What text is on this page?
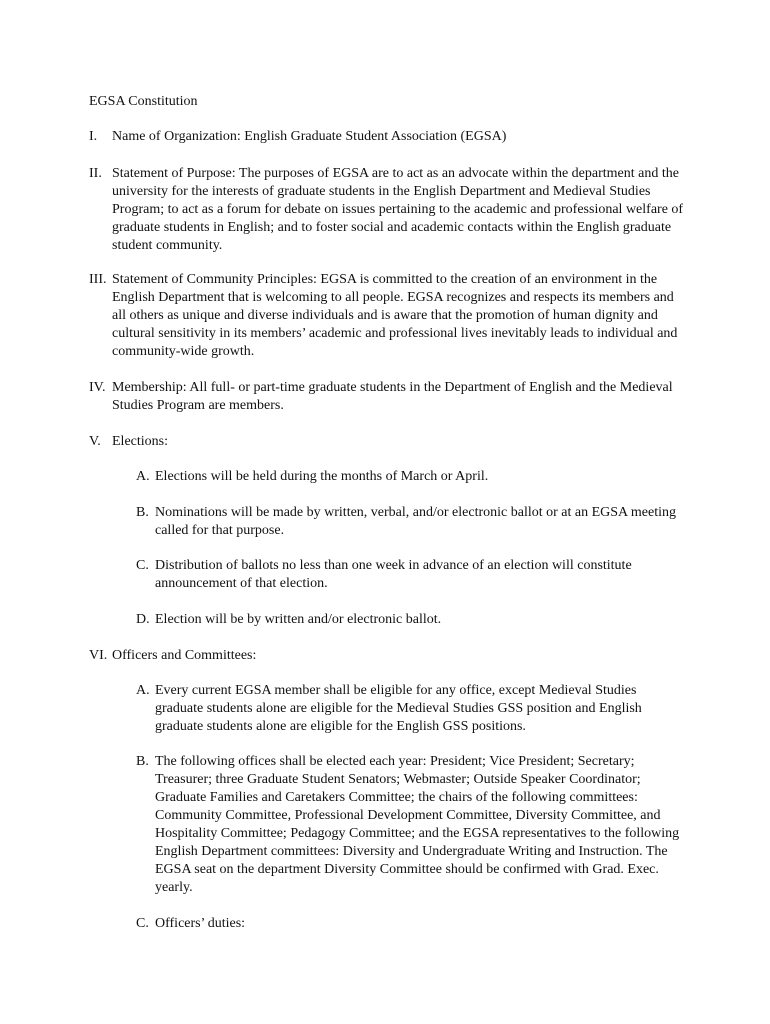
EGSA Constitution
I.	Name of Organization: English Graduate Student Association (EGSA)
II. Statement of Purpose: The purposes of EGSA are to act as an advocate within the department and the university for the interests of graduate students in the English Department and Medieval Studies Program; to act as a forum for debate on issues pertaining to the academic and professional welfare of graduate students in English; and to foster social and academic contacts within the English graduate student community.
III. Statement of Community Principles: EGSA is committed to the creation of an environment in the English Department that is welcoming to all people. EGSA recognizes and respects its members and all others as unique and diverse individuals and is aware that the promotion of human dignity and cultural sensitivity in its members’ academic and professional lives inevitably leads to individual and community-wide growth.
IV. Membership: All full- or part-time graduate students in the Department of English and the Medieval Studies Program are members.
V. Elections:
A. Elections will be held during the months of March or April.
B. Nominations will be made by written, verbal, and/or electronic ballot or at an EGSA meeting called for that purpose.
C. Distribution of ballots no less than one week in advance of an election will constitute announcement of that election.
D. Election will be by written and/or electronic ballot.
VI. Officers and Committees:
A. Every current EGSA member shall be eligible for any office, except Medieval Studies graduate students alone are eligible for the Medieval Studies GSS position and English graduate students alone are eligible for the English GSS positions.
B. The following offices shall be elected each year: President; Vice President; Secretary; Treasurer; three Graduate Student Senators; Webmaster; Outside Speaker Coordinator; Graduate Families and Caretakers Committee; the chairs of the following committees: Community Committee, Professional Development Committee, Diversity Committee, and Hospitality Committee; Pedagogy Committee; and the EGSA representatives to the following English Department committees: Diversity and Undergraduate Writing and Instruction. The EGSA seat on the department Diversity Committee should be confirmed with Grad. Exec. yearly.
C. Officers’ duties:
